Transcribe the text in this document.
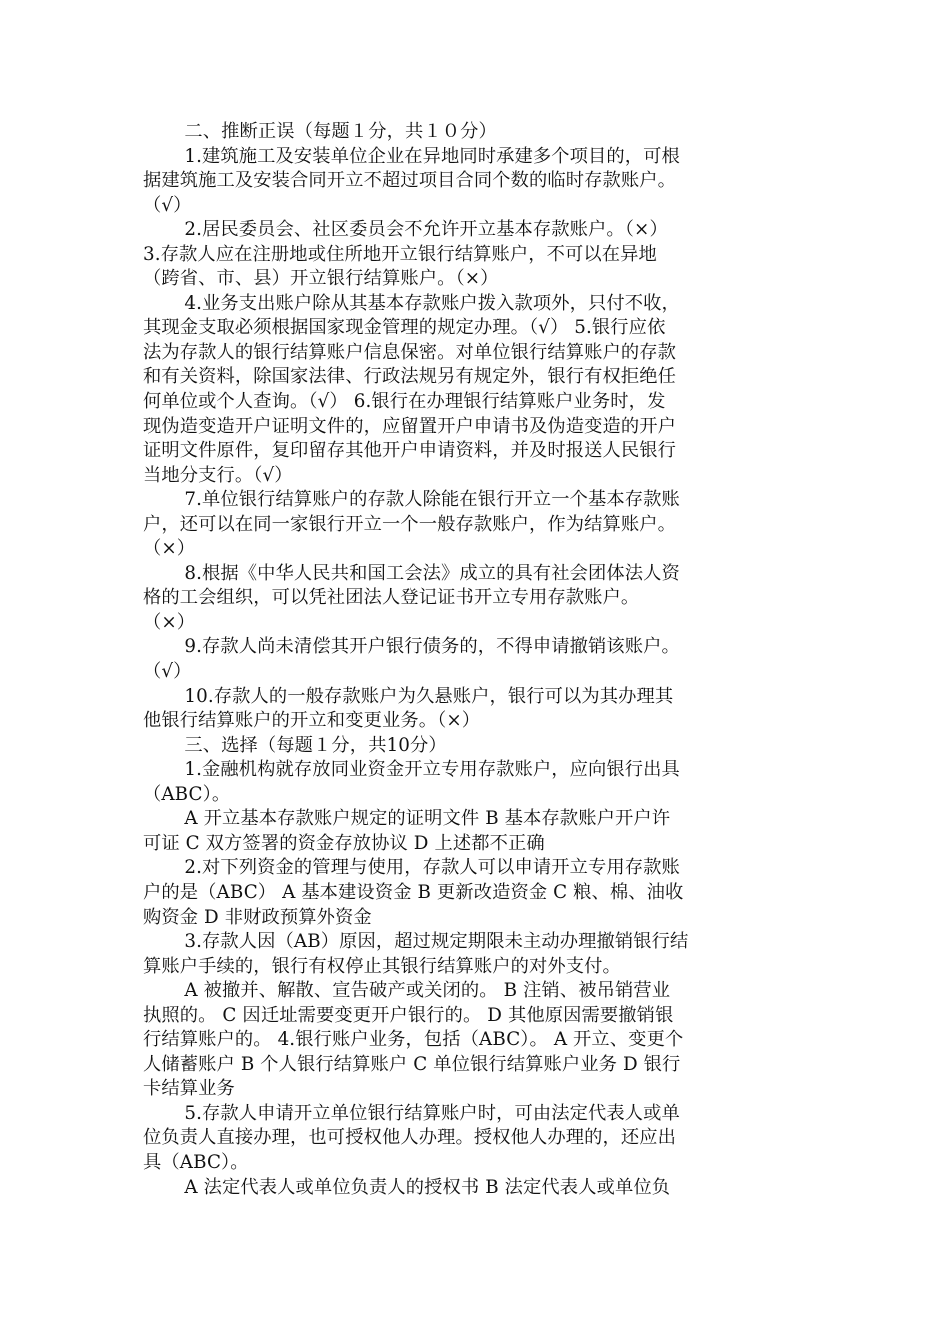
二、推断正误（每题１分，共１０分）
1.建筑施工及安装单位企业在异地同时承建多个项目的，可根
据建筑施工及安装合同开立不超过项目合同个数的临时存款账户。
（√）
2.居民委员会、社区委员会不允许开立基本存款账户。（×）
3.存款人应在注册地或住所地开立银行结算账户，不可以在异地
（跨省、市、县）开立银行结算账户。（×）
4.业务支出账户除从其基本存款账户拨入款项外，只付不收，
其现金支取必须根据国家现金管理的规定办理。（√） 5.银行应依
法为存款人的银行结算账户信息保密。对单位银行结算账户的存款
和有关资料，除国家法律、行政法规另有规定外，银行有权拒绝任
何单位或个人查询。（√） 6.银行在办理银行结算账户业务时，发
现伪造变造开户证明文件的，应留置开户申请书及伪造变造的开户
证明文件原件，复印留存其他开户申请资料，并及时报送人民银行
当地分支行。（√）
7.单位银行结算账户的存款人除能在银行开立一个基本存款账
户，还可以在同一家银行开立一个一般存款账户，作为结算账户。
（×）
8.根据《中华人民共和国工会法》成立的具有社会团体法人资
格的工会组织，可以凭社团法人登记证书开立专用存款账户。
（×）
9.存款人尚未清偿其开户银行债务的，不得申请撤销该账户。
（√）
10.存款人的一般存款账户为久悬账户，银行可以为其办理其
他银行结算账户的开立和变更业务。（×）
三、选择（每题１分，共10分）
1.金融机构就存放同业资金开立专用存款账户，应向银行出具
（ABC）。
A 开立基本存款账户规定的证明文件 B 基本存款账户开户许
可证 C 双方签署的资金存放协议 D 上述都不正确
2.对下列资金的管理与使用，存款人可以申请开立专用存款账
户的是（ABC） A 基本建设资金 B 更新改造资金 C 粮、棉、油收
购资金 D 非财政预算外资金
3.存款人因（AB）原因，超过规定期限未主动办理撤销银行结
算账户手续的，银行有权停止其银行结算账户的对外支付。
A 被撤并、解散、宣告破产或关闭的。 B 注销、被吊销营业
执照的。 C 因迁址需要变更开户银行的。 D 其他原因需要撤销银
行结算账户的。 4.银行账户业务，包括（ABC）。 A 开立、变更个
人储蓄账户 B 个人银行结算账户 C 单位银行结算账户业务 D 银行
卡结算业务
5.存款人申请开立单位银行结算账户时，可由法定代表人或单
位负责人直接办理，也可授权他人办理。授权他人办理的，还应出
具（ABC）。
A 法定代表人或单位负责人的授权书 B 法定代表人或单位负
